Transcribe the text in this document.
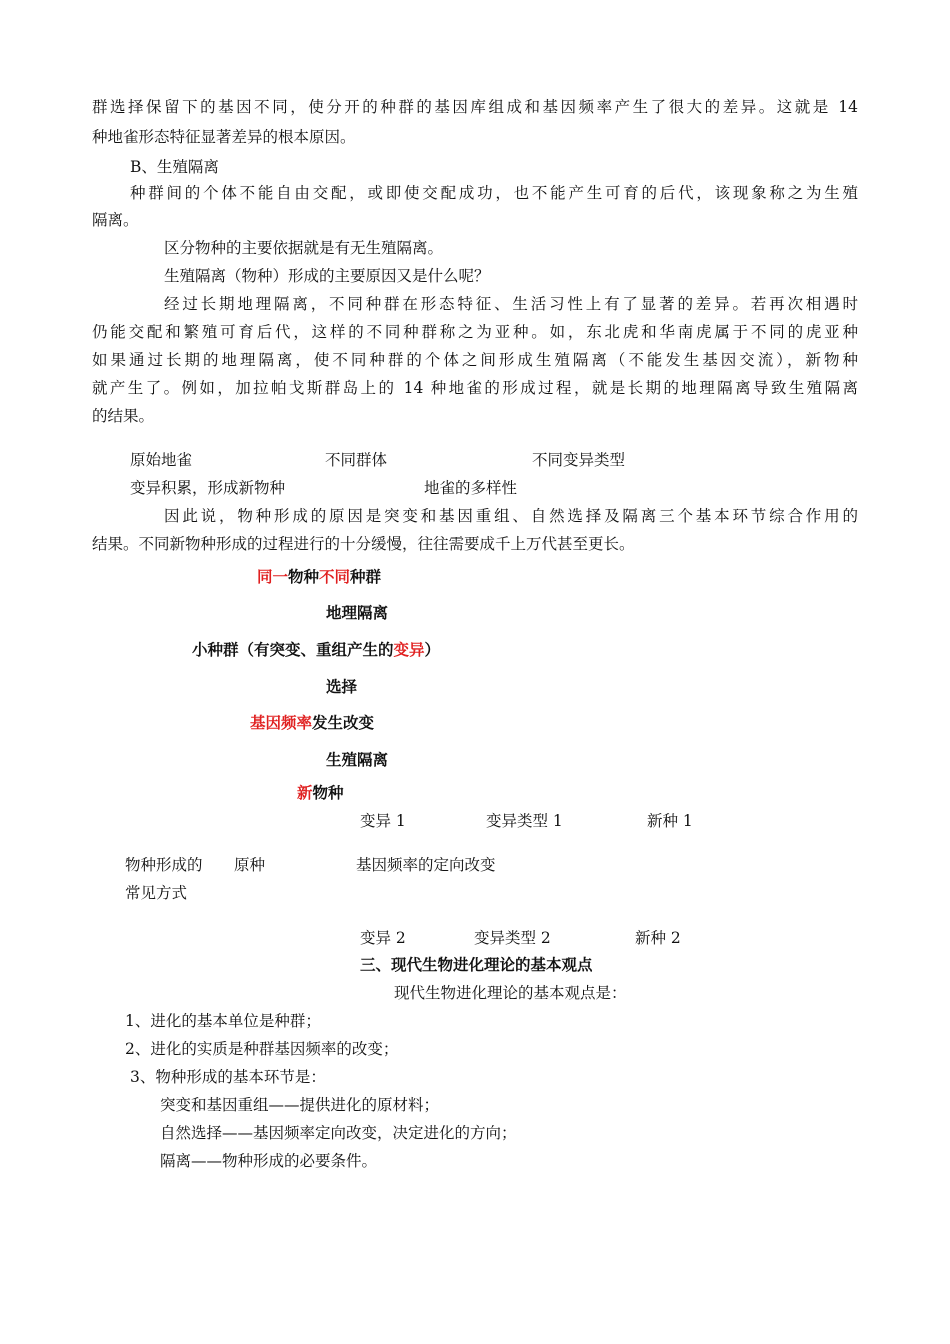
群选择保留下的基因不同，使分开的种群的基因库组成和基因频率产生了很大的差异。这就是 14
种地雀形态特征显著差异的根本原因。
B、生殖隔离
种群间的个体不能自由交配，或即使交配成功，也不能产生可育的后代，该现象称之为生殖
隔离。
区分物种的主要依据就是有无生殖隔离。
生殖隔离（物种）形成的主要原因又是什么呢？
经过长期地理隔离，不同种群在形态特征、生活习性上有了显著的差异。若再次相遇时
仍能交配和繁殖可育后代，这样的不同种群称之为亚种。如，东北虎和华南虎属于不同的虎亚种
如果通过长期的地理隔离，使不同种群的个体之间形成生殖隔离（不能发生基因交流），新物种
就产生了。例如，加拉帕戈斯群岛上的 14 种地雀的形成过程，就是长期的地理隔离导致生殖隔离
的结果。
原始地雀	不同群体	不同变异类型
变异积累，形成新物种	地雀的多样性
因此说，物种形成的原因是突变和基因重组、自然选择及隔离三个基本环节综合作用的
结果。不同新物种形成的过程进行的十分缓慢，往往需要成千上万代甚至更长。
同一物种不同种群
地理隔离
小种群（有突变、重组产生的变异）
选择
基因频率发生改变
生殖隔离
新物种
变异 1	变异类型 1	新种 1
物种形成的 原种	基因频率的定向改变
常见方式
变异 2	变异类型 2	新种 2
三、现代生物进化理论的基本观点
现代生物进化理论的基本观点是：
1、进化的基本单位是种群；
2、进化的实质是种群基因频率的改变；
3、物种形成的基本环节是：
突变和基因重组——提供进化的原材料；
自然选择——基因频率定向改变，决定进化的方向；
隔离——物种形成的必要条件。
